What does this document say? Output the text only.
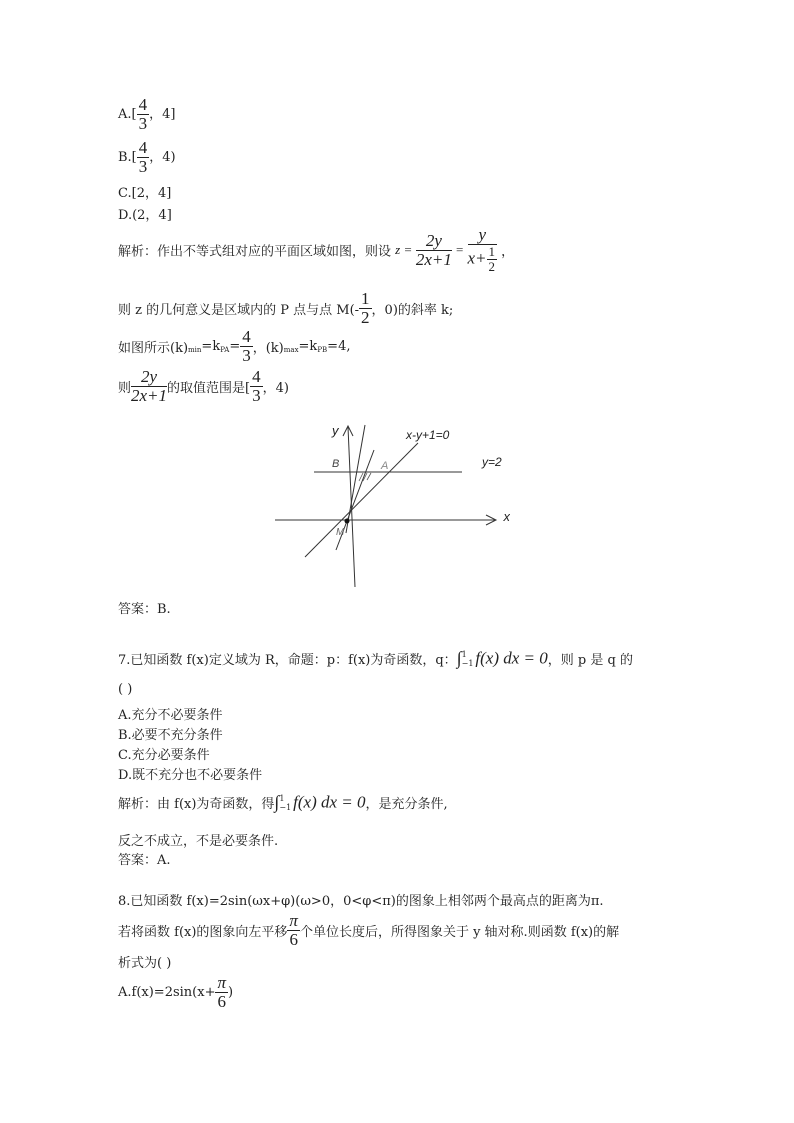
$A.[ \frac{4}{3}$ ，4]
$B.[ \frac{4}{3}$ ，4)
C.[2，4]
D.(2，4]
解析：作出不等式组对应的平面区域如图，则设 $z = \frac{2y}{2x+1} = \frac{y}{x+ \frac{1}{2}}$ ，
则 z 的几何意义是区域内的 P 点与点 $M(- \frac{1}{2}$ ，0)的斜率 k;
如图所示$(k)_{min}=k_{PA}= \frac{4}{3}$ ，$(k)_{max}=k_{PB}=4$,
则 $\frac{2y}{2x+1}$ 的取值范围是[ $\frac{4}{3}$ ，4)
y
x
x-y+1=0
y=2
B	A
M
答案：B.
7.已知函数 f(x)定义域为 R，命题：p：f(x)为奇函数，q：∫ 1
−1 f(x) dx = 0，则 p 是 q 的
( )
A.充分不必要条件
B.必要不充分条件
C.充分必要条件
D.既不充分也不必要条件
解析：由 f(x)为奇函数，得∫ 1
−1 f(x) dx = 0，是充分条件,
反之不成立，不是必要条件.
答案：A.
8.已知函数 f(x)=2sin(ωx+φ)(ω>0，0<φ<π)的图象上相邻两个最高点的距离为π.
若将函数 f(x)的图象向左平移 $\frac{\pi}{6}$ 个单位长度后，所得图象关于 y 轴对称.则函数 f(x)的解
析式为( )
$A.f(x)=2\sin(x+ \frac{\pi}{6}$ )
